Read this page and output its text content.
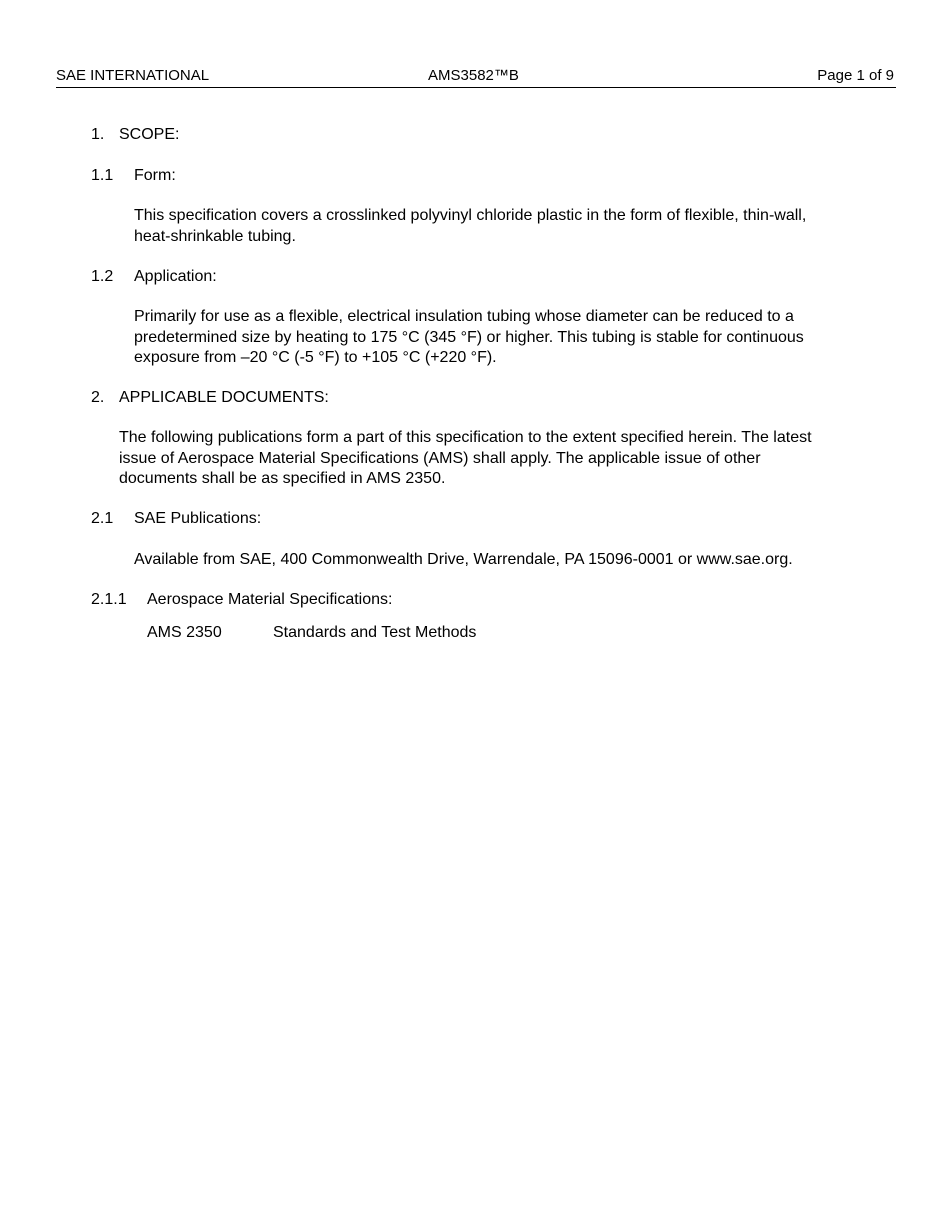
SAE INTERNATIONAL	AMS3582™B	Page 1 of 9
1. SCOPE:
1.1 Form:
This specification covers a crosslinked polyvinyl chloride plastic in the form of flexible, thin-wall,
heat-shrinkable tubing.
1.2 Application:
Primarily for use as a flexible, electrical insulation tubing whose diameter can be reduced to a
predetermined size by heating to 175 °C (345 °F) or higher. This tubing is stable for continuous
exposure from –20 °C (-5 °F) to +105 °C (+220 °F).
2. APPLICABLE DOCUMENTS:
The following publications form a part of this specification to the extent specified herein. The latest
issue of Aerospace Material Specifications (AMS) shall apply. The applicable issue of other
documents shall be as specified in AMS 2350.
2.1 SAE Publications:
Available from SAE, 400 Commonwealth Drive, Warrendale, PA 15096-0001 or www.sae.org.
2.1.1 Aerospace Material Specifications:
AMS 2350	Standards and Test Methods
